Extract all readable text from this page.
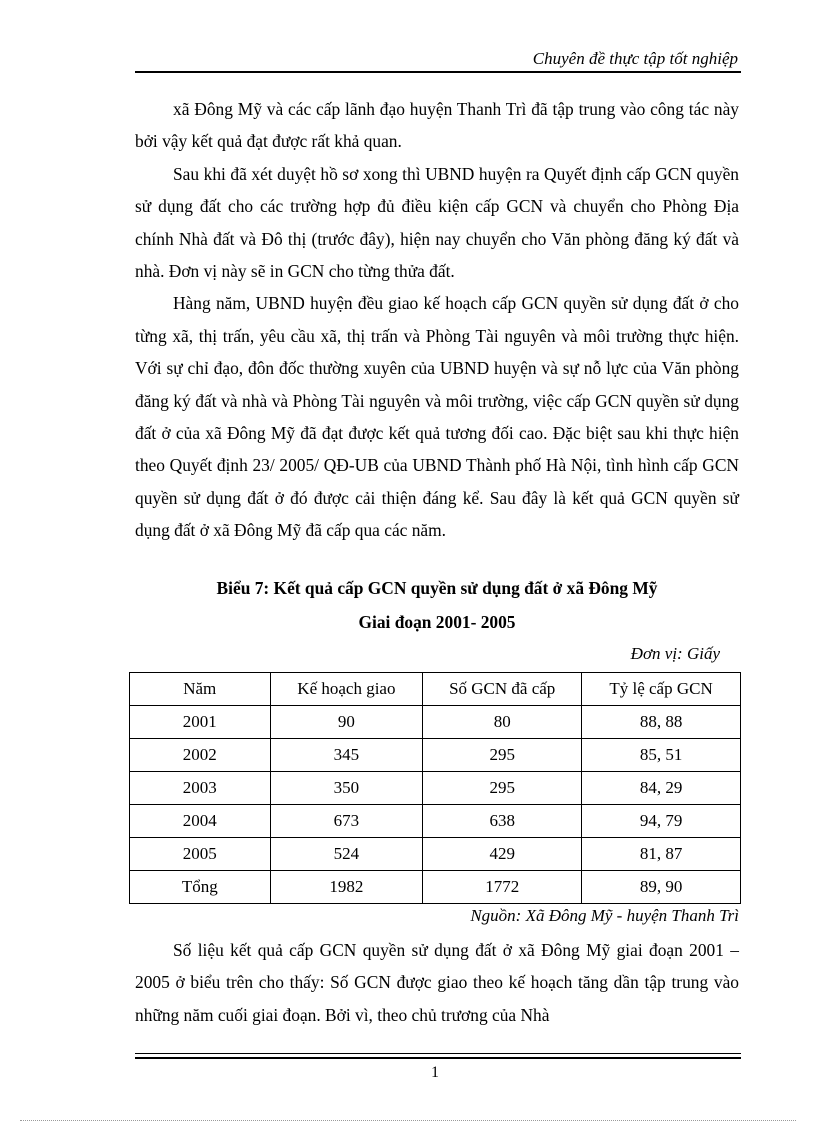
Chuyên đề thực tập tốt nghiệp

xã Đông Mỹ và các cấp lãnh đạo huyện Thanh Trì đã tập trung vào công tác này bởi vậy kết quả đạt được rất khả quan.

Sau khi đã xét duyệt hồ sơ xong thì UBND huyện ra Quyết định cấp GCN quyền sử dụng đất cho các trường hợp đủ điều kiện cấp GCN và chuyển cho Phòng Địa chính Nhà đất và Đô thị (trước đây), hiện nay chuyển cho Văn phòng đăng ký đất và nhà. Đơn vị này sẽ in GCN cho từng thửa đất.

Hàng năm, UBND huyện đều giao kế hoạch cấp GCN quyền sử dụng đất ở cho từng xã, thị trấn, yêu cầu xã, thị trấn và Phòng Tài nguyên và môi trường thực hiện. Với sự chỉ đạo, đôn đốc thường xuyên của UBND huyện và sự nỗ lực của Văn phòng đăng ký đất và nhà và Phòng Tài nguyên và môi trường, việc cấp GCN quyền sử dụng đất ở của xã Đông Mỹ đã đạt được kết quả tương đối cao. Đặc biệt sau khi thực hiện theo Quyết định 23/ 2005/ QĐ-UB của UBND Thành phố Hà Nội, tình hình cấp GCN quyền sử dụng đất ở đó được cải thiện đáng kể. Sau đây là kết quả GCN quyền sử dụng đất ở xã Đông Mỹ đã cấp qua các năm.

Biểu 7: Kết quả cấp GCN quyền sử dụng đất ở xã Đông Mỹ
Giai đoạn 2001- 2005
Đơn vị: Giấy
Năm	Kế hoạch giao	Số GCN đã cấp	Tỷ lệ cấp GCN
2001	90	80	88, 88
2002	345	295	85, 51
2003	350	295	84, 29
2004	673	638	94, 79
2005	524	429	81, 87
Tổng	1982	1772	89, 90
Nguồn: Xã Đông Mỹ - huyện Thanh Trì

Số liệu kết quả cấp GCN quyền sử dụng đất ở xã Đông Mỹ giai đoạn 2001 – 2005 ở biểu trên cho thấy: Số GCN được giao theo kế hoạch tăng dần tập trung vào những năm cuối giai đoạn. Bởi vì, theo chủ trương của Nhà

1
